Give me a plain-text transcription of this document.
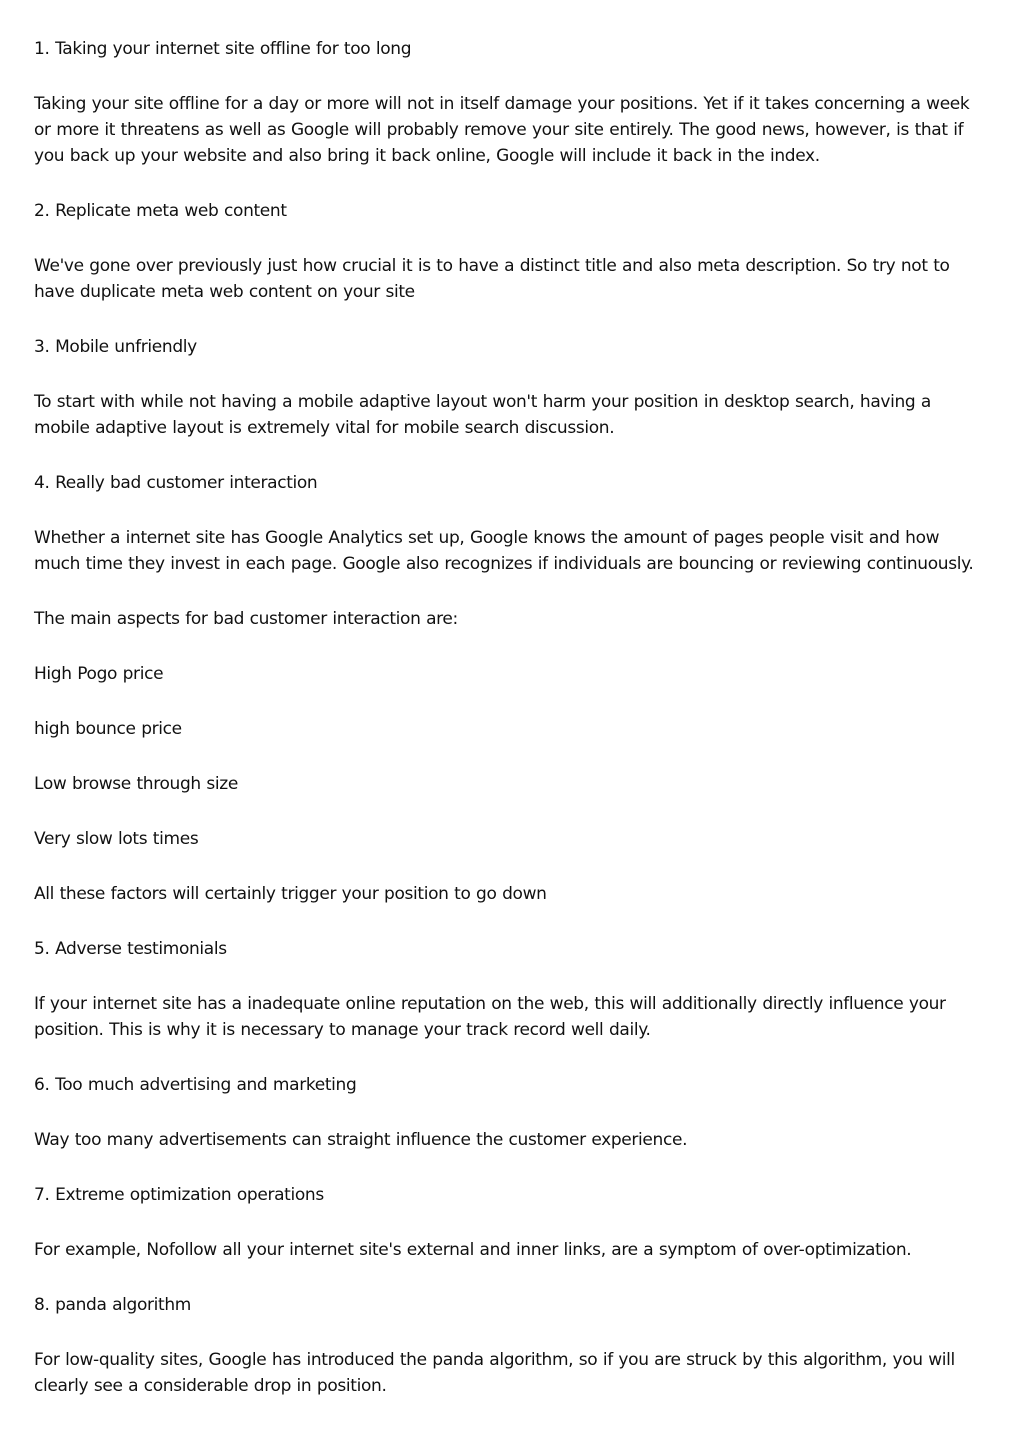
1. Taking your internet site offline for too long

Taking your site offline for a day or more will not in itself damage your positions. Yet if it takes concerning a week or more it threatens as well as Google will probably remove your site entirely. The good news, however, is that if you back up your website and also bring it back online, Google will include it back in the index.

2. Replicate meta web content

We've gone over previously just how crucial it is to have a distinct title and also meta description. So try not to have duplicate meta web content on your site

3. Mobile unfriendly

To start with while not having a mobile adaptive layout won't harm your position in desktop search, having a mobile adaptive layout is extremely vital for mobile search discussion.

4. Really bad customer interaction

Whether a internet site has Google Analytics set up, Google knows the amount of pages people visit and how much time they invest in each page. Google also recognizes if individuals are bouncing or reviewing continuously.

The main aspects for bad customer interaction are:

High Pogo price

high bounce price

Low browse through size

Very slow lots times

All these factors will certainly trigger your position to go down

5. Adverse testimonials

If your internet site has a inadequate online reputation on the web, this will additionally directly influence your position. This is why it is necessary to manage your track record well daily.

6. Too much advertising and marketing

Way too many advertisements can straight influence the customer experience.

7. Extreme optimization operations

For example, Nofollow all your internet site's external and inner links, are a symptom of over-optimization.

8. panda algorithm

For low-quality sites, Google has introduced the panda algorithm, so if you are struck by this algorithm, you will clearly see a considerable drop in position.
